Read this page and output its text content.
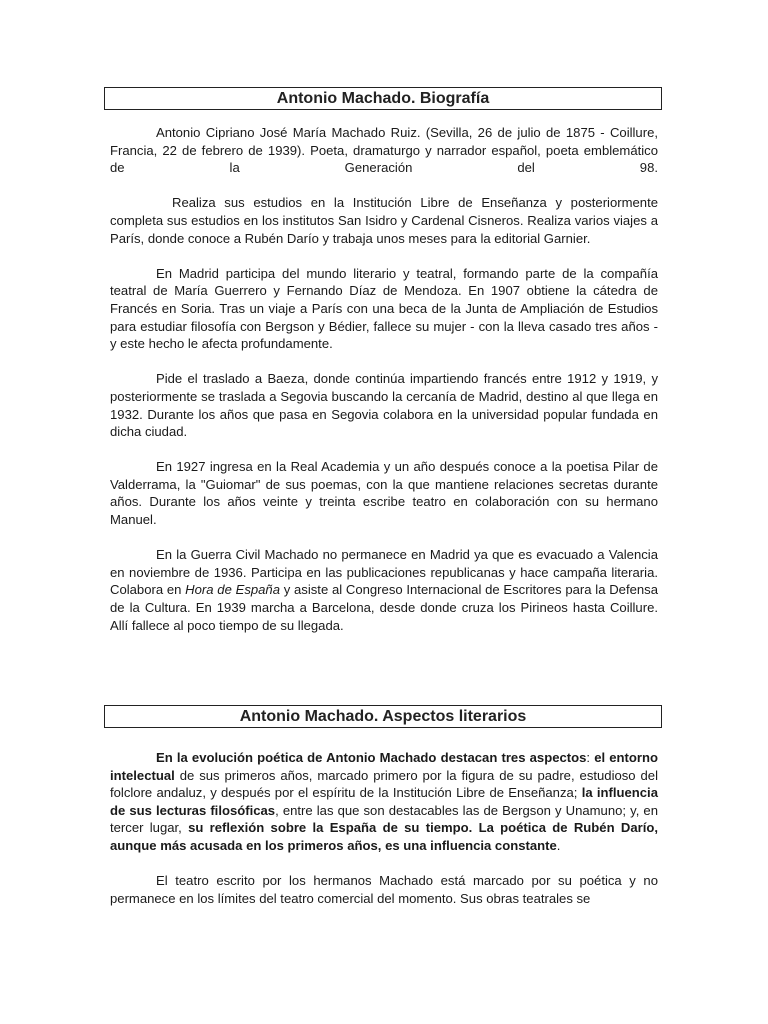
Antonio Machado. Biografía

Antonio Cipriano José María Machado Ruiz. (Sevilla, 26 de julio de 1875 - Coillure, Francia, 22 de febrero de 1939). Poeta, dramaturgo y narrador español, poeta emblemático de la Generación del 98.

Realiza sus estudios en la Institución Libre de Enseñanza y posteriormente completa sus estudios en los institutos San Isidro y Cardenal Cisneros. Realiza varios viajes a París, donde conoce a Rubén Darío y trabaja unos meses para la editorial Garnier.

En Madrid participa del mundo literario y teatral, formando parte de la compañía teatral de María Guerrero y Fernando Díaz de Mendoza. En 1907 obtiene la cátedra de Francés en Soria. Tras un viaje a París con una beca de la Junta de Ampliación de Estudios para estudiar filosofía con Bergson y Bédier, fallece su mujer - con la lleva casado tres años - y este hecho le afecta profundamente.

Pide el traslado a Baeza, donde continúa impartiendo francés entre 1912 y 1919, y posteriormente se traslada a Segovia buscando la cercanía de Madrid, destino al que llega en 1932. Durante los años que pasa en Segovia colabora en la universidad popular fundada en dicha ciudad.

En 1927 ingresa en la Real Academia y un año después conoce a la poetisa Pilar de Valderrama, la "Guiomar" de sus poemas, con la que mantiene relaciones secretas durante años. Durante los años veinte y treinta escribe teatro en colaboración con su hermano Manuel.

En la Guerra Civil Machado no permanece en Madrid ya que es evacuado a Valencia en noviembre de 1936. Participa en las publicaciones republicanas y hace campaña literaria. Colabora en Hora de España y asiste al Congreso Internacional de Escritores para la Defensa de la Cultura. En 1939 marcha a Barcelona, desde donde cruza los Pirineos hasta Coillure. Allí fallece al poco tiempo de su llegada.

Antonio Machado. Aspectos literarios

En la evolución poética de Antonio Machado destacan tres aspectos: el entorno intelectual de sus primeros años, marcado primero por la figura de su padre, estudioso del folclore andaluz, y después por el espíritu de la Institución Libre de Enseñanza; la influencia de sus lecturas filosóficas, entre las que son destacables las de Bergson y Unamuno; y, en tercer lugar, su reflexión sobre la España de su tiempo. La poética de Rubén Darío, aunque más acusada en los primeros años, es una influencia constante.

El teatro escrito por los hermanos Machado está marcado por su poética y no permanece en los límites del teatro comercial del momento. Sus obras teatrales se
